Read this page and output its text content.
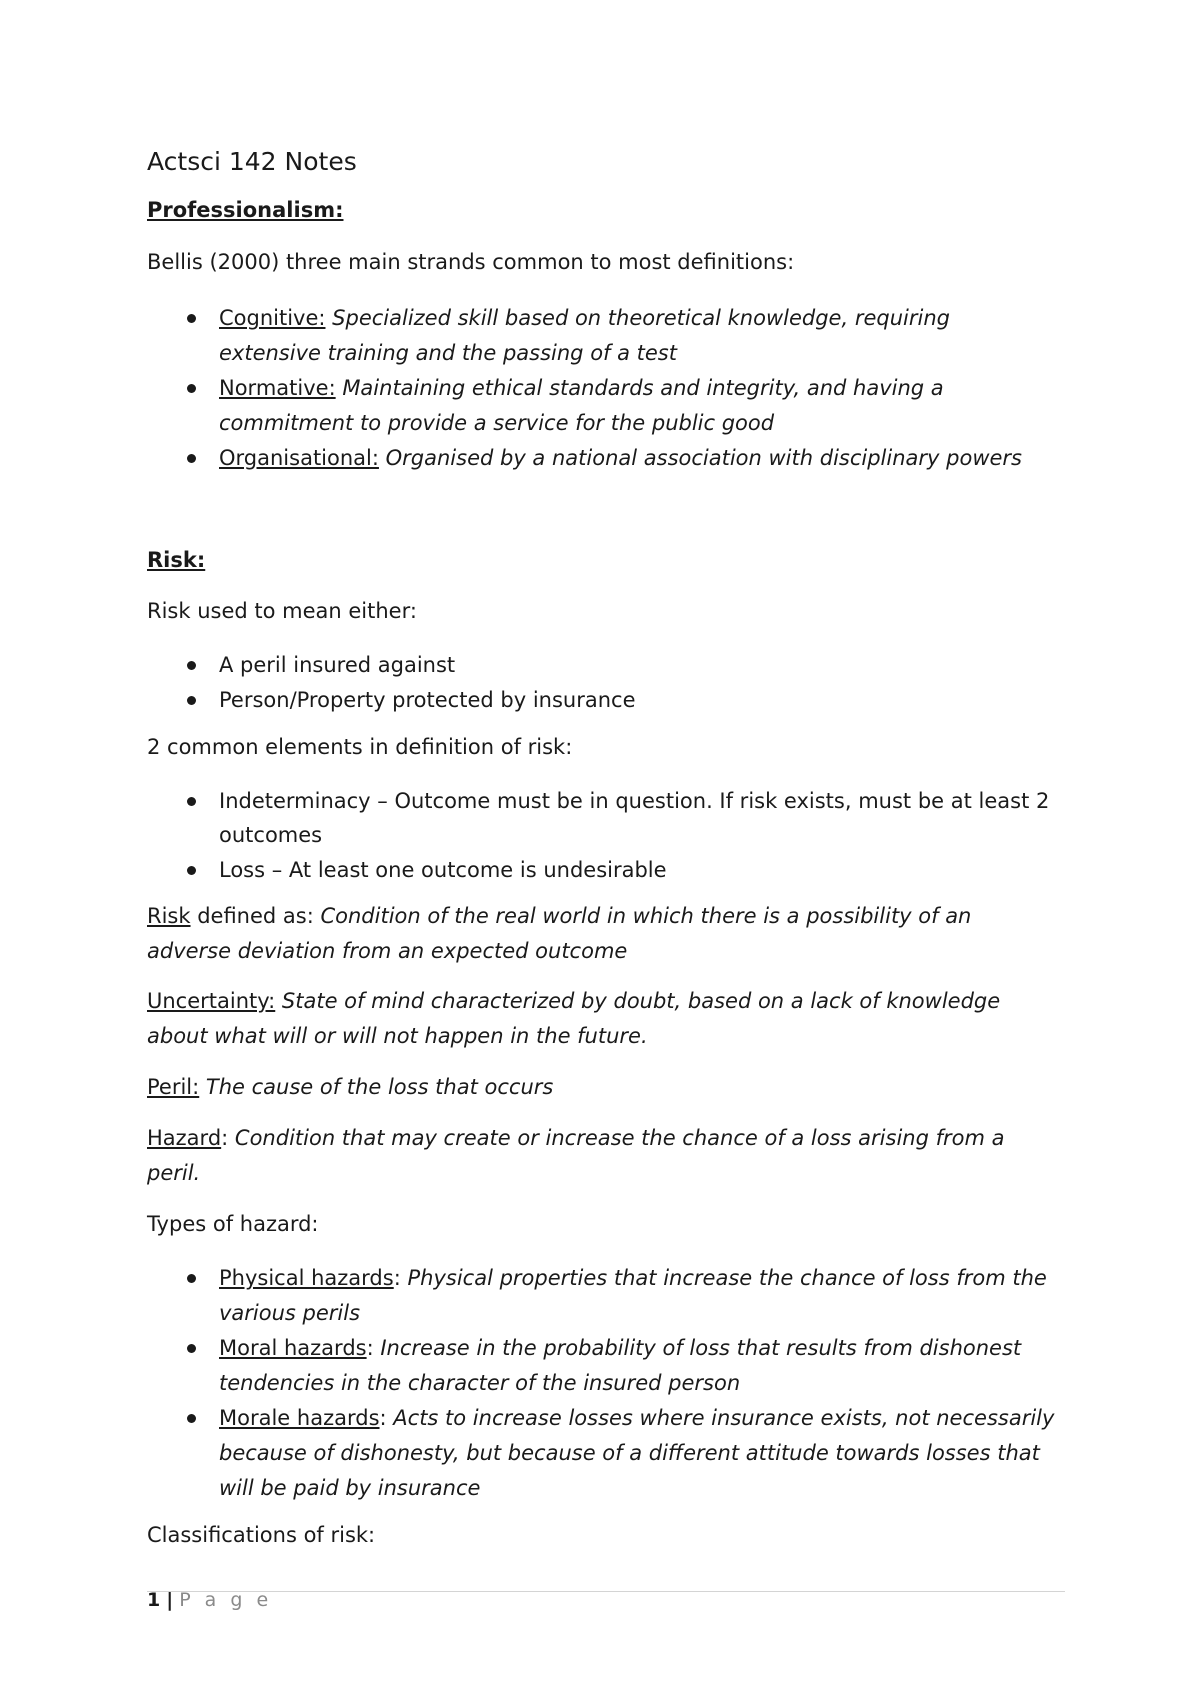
Actsci 142 Notes

Professionalism:

Bellis (2000) three main strands common to most definitions:

Cognitive: Specialized skill based on theoretical knowledge, requiring
extensive training and the passing of a test
Normative: Maintaining ethical standards and integrity, and having a
commitment to provide a service for the public good
Organisational: Organised by a national association with disciplinary powers

Risk:

Risk used to mean either:

A peril insured against
Person/Property protected by insurance

2 common elements in definition of risk:

Indeterminacy – Outcome must be in question. If risk exists, must be at least 2
outcomes
Loss – At least one outcome is undesirable

Risk defined as: Condition of the real world in which there is a possibility of an

adverse deviation from an expected outcome

Uncertainty: State of mind characterized by doubt, based on a lack of knowledge

about what will or will not happen in the future.

Peril: The cause of the loss that occurs

Hazard: Condition that may create or increase the chance of a loss arising from a

peril.

Types of hazard:

Physical hazards: Physical properties that increase the chance of loss from the
various perils
Moral hazards: Increase in the probability of loss that results from dishonest
tendencies in the character of the insured person
Morale hazards: Acts to increase losses where insurance exists, not necessarily
because of dishonesty, but because of a different attitude towards losses that
will be paid by insurance

Classifications of risk:

1 | P a g e
